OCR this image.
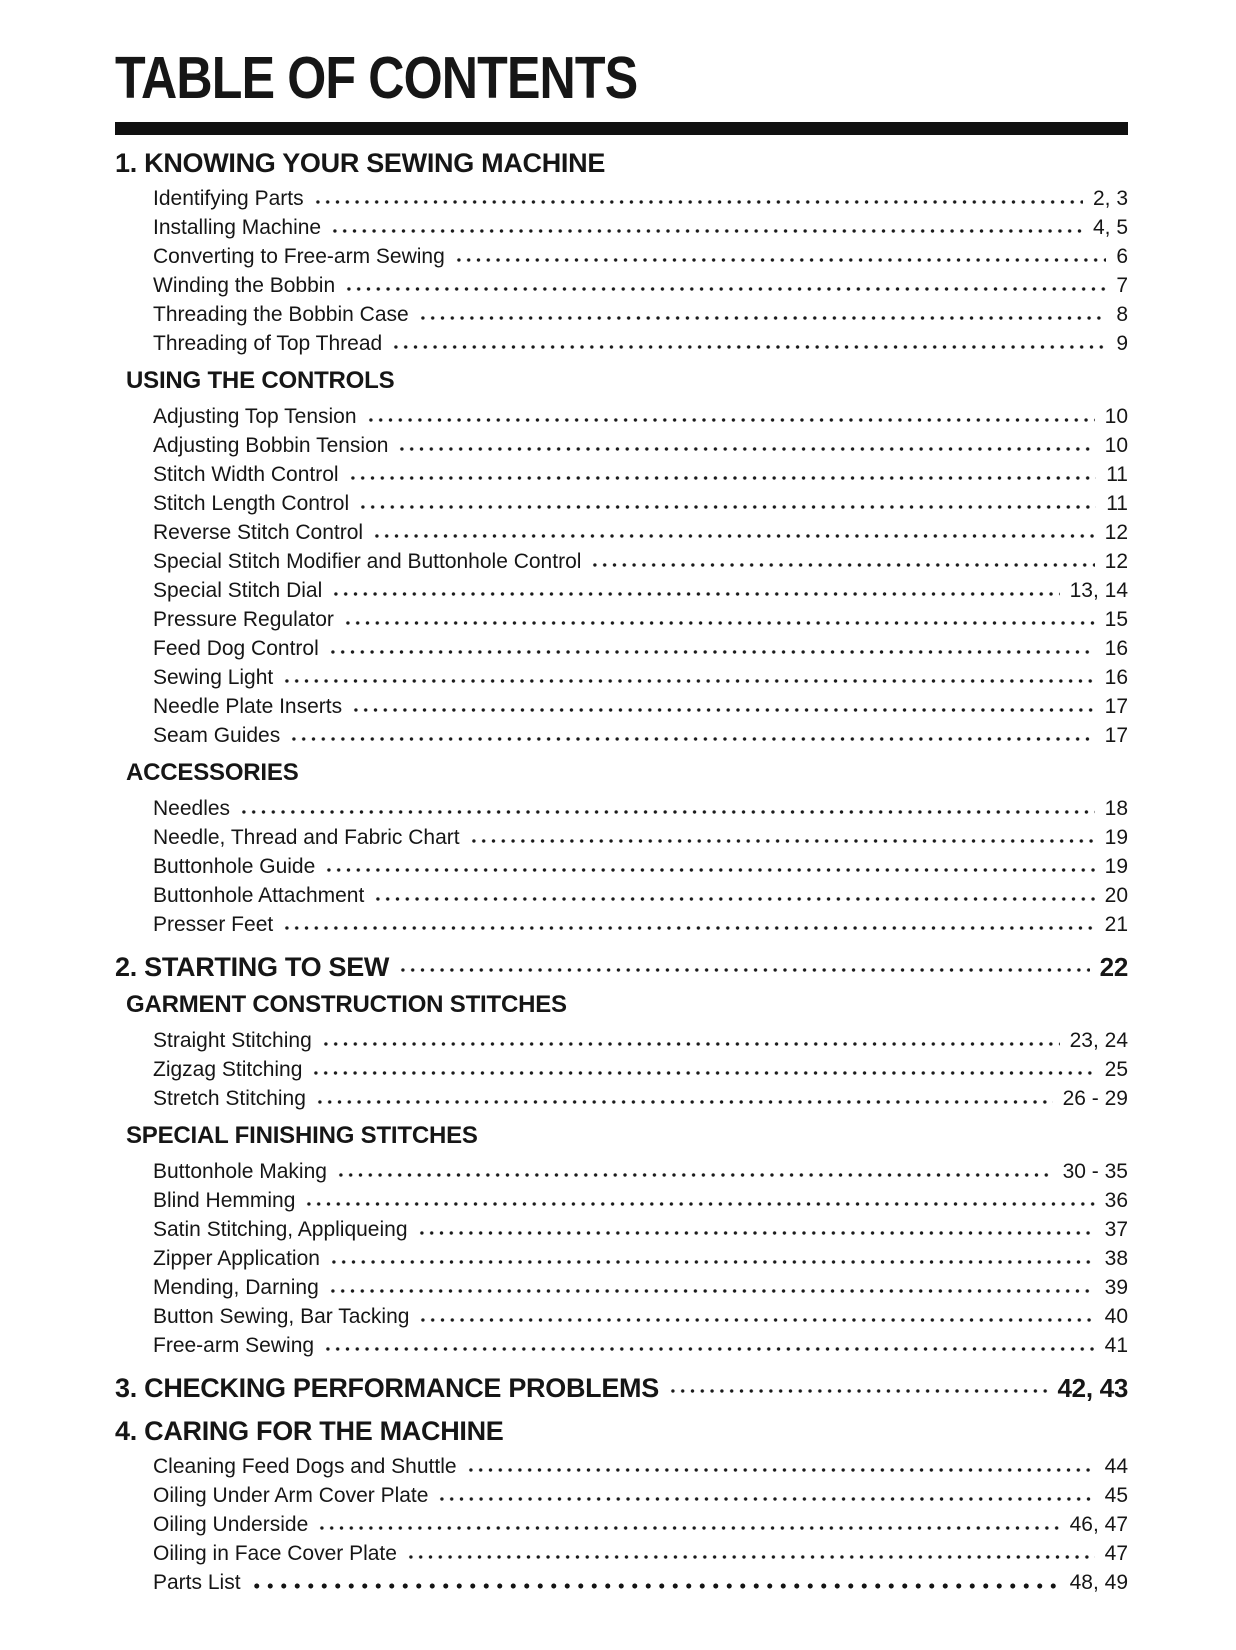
TABLE OF CONTENTS
1. KNOWING YOUR SEWING MACHINE
Identifying Parts	2, 3
Installing Machine	4, 5
Converting to Free-arm Sewing	6
Winding the Bobbin	7
Threading the Bobbin Case	8
Threading of Top Thread	9
USING THE CONTROLS
Adjusting Top Tension	10
Adjusting Bobbin Tension	10
Stitch Width Control	11
Stitch Length Control	11
Reverse Stitch Control	12
Special Stitch Modifier and Buttonhole Control	12
Special Stitch Dial	13, 14
Pressure Regulator	15
Feed Dog Control	16
Sewing Light	16
Needle Plate Inserts	17
Seam Guides	17
ACCESSORIES
Needles	18
Needle, Thread and Fabric Chart	19
Buttonhole Guide	19
Buttonhole Attachment	20
Presser Feet	21
2. STARTING TO SEW	22
GARMENT CONSTRUCTION STITCHES
Straight Stitching	23, 24
Zigzag Stitching	25
Stretch Stitching	26 - 29
SPECIAL FINISHING STITCHES
Buttonhole Making	30 - 35
Blind Hemming	36
Satin Stitching, Appliqueing	37
Zipper Application	38
Mending, Darning	39
Button Sewing, Bar Tacking	40
Free-arm Sewing	41
3. CHECKING PERFORMANCE PROBLEMS	42, 43
4. CARING FOR THE MACHINE
Cleaning Feed Dogs and Shuttle	44
Oiling Under Arm Cover Plate	45
Oiling Underside	46, 47
Oiling in Face Cover Plate	47
Parts List	48, 49
